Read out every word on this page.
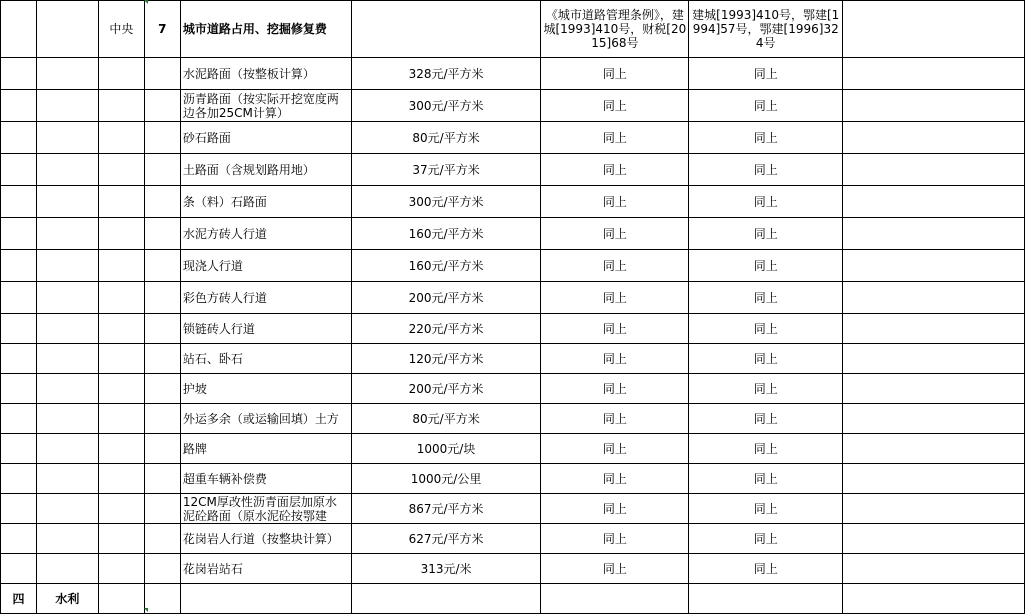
		中央	7	城市道路占用、挖掘修复费		《城市道路管理条例》，建城[1993]410号，财税[2015]68号	建城[1993]410号，鄂建[1994]57号，鄂建[1996]324号	
				水泥路面（按整板计算）	328元/平方米	同上	同上	
				沥青路面（按实际开挖宽度两边各加25CM计算）	300元/平方米	同上	同上	
				砂石路面	80元/平方米	同上	同上	
				土路面（含规划路用地）	37元/平方米	同上	同上	
				条（料）石路面	300元/平方米	同上	同上	
				水泥方砖人行道	160元/平方米	同上	同上	
				现浇人行道	160元/平方米	同上	同上	
				彩色方砖人行道	200元/平方米	同上	同上	
				锁链砖人行道	220元/平方米	同上	同上	
				站石、卧石	120元/平方米	同上	同上	
				护坡	200元/平方米	同上	同上	
				外运多余（或运输回填）土方	80元/平方米	同上	同上	
				路牌	1000元/块	同上	同上	
				超重车辆补偿费	1000元/公里	同上	同上	
				12CM厚改性沥青面层加原水泥砼路面（原水泥砼按鄂建	867元/平方米	同上	同上	
				花岗岩人行道（按整块计算）	627元/平方米	同上	同上	
				花岗岩站石	313元/米	同上	同上	
四	水利							
